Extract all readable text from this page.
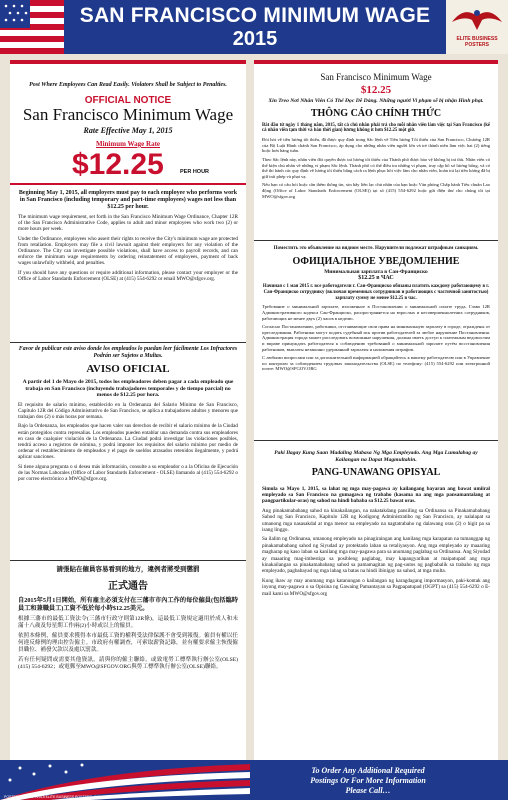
SAN FRANCISCO MINIMUM WAGE
2015	ELITE BUSINESS POSTERS
Post Where Employees Can Read Easily. Violators Shall be Subject to Penalties.
OFFICIAL NOTICE
San Francisco Minimum Wage
Rate Effective May 1, 2015
Minimum Wage Rate
$12.25	PER HOUR

Beginning May 1, 2015, all employers must pay to each employee who performs work in San Francisco (including temporary and part-time employees) wages not less than $12.25 per hour.

The minimum wage requirement, set forth in the San Francisco Minimum Wage Ordinance, Chapter 12R of the San Francisco Administrative Code, applies to adult and minor employees who work two (2) or more hours per week.

Under the Ordinance, employees who assert their rights to receive the City's minimum wage are protected from retaliation. Employers may file a civil lawsuit against their employers for any violation of the Ordinance. The City can investigate possible violations, shall have access to payroll records, and can enforce the minimum wage requirements by ordering reinstatement of employees, payment of back wages unlawfully withheld, and penalties.

If you should have any questions or require additional information, please contact your employer or the Office of Labor Standards Enforcement (OLSE) at (415) 554-6292 or email MWO@sfgov.org.

Favor de publicar este aviso donde los empleados lo puedan leer fácilmente Los Infractores Podrán ser Sujetos a Multas.

AVISO OFICIAL

A partir del 1 de Mayo de 2015, todos los empleadores deben pagar a cada empleado que trabaja en San Francisco (incluyendo trabajadores temporales y de tiempo parcial) no menos de $12.25 por hora.

El requisito de salario mínimo, establecido en la Ordenanza del Salario Mínimo de San Francisco, Capítulo 12R del Código Administrativo de San Francisco, se aplica a trabajadores adultos y menores que trabajan dos (2) o más horas por semana.

Bajo la Ordenanza, los empleados que hacen valer sus derechos de recibir el salario mínimo de la Ciudad están protegidos contra represalias. Los empleados pueden entablar una demanda contra sus empleadores en caso de cualquier violación de la Ordenanza. La Ciudad podrá investigar las violaciones posibles, tendrá acceso a registros de nómina, y podrá imponer los requisitos del salario mínimo por medio de ordenar el restablecimiento de empleados y el pago de sueldos atrasados retenidos ilegalmente, y podrá aplicar sanciones.

Si tiene alguna pregunta o si desea más información, consulte a su empleador o a la Oficina de Ejecución de las Normas Laborales (Office of Labor Standards Enforcement - OLSE) llamando al (415) 554-6292 o por correo electrónico a MWO@sfgov.org.

請張貼在僱員容易看到的地方，違例者將受到懲罰

正式通告

自2015年5月1日開始，所有雇主必須支付在三藩市市內工作的每位僱員(包括臨時員工和兼職員工)工資不低於每小時$12.25美元。

根據三藩市的最低工資法令(三藩市行政守則第12R條)，這最低工資規定適用於成人和未滿十八歲及每星期工作兩(2)小時或以上的僱員。

依照本條例，僱員要求獲得本市最低工資的權利受法律保護不會受到報復。僱員有權以任何違反條例的理由控告僱主。市政府有權調查，可索取薪資記錄，並有權要求僱主恢復僱員職位、補發欠款以及處以罰款。

若有任何疑問或需要其他資訊，請與你的僱主聯絡，或致電勞工標準執行辦公室(OLSE) (415) 554-6292；或電郵至MWO@SFGOV.ORG與勞工標準執行辦公室(OLSE)聯絡。

San Francisco Minimum Wage
$12.25

Xin Treo Nơi Nhân Viên Có Thể Đọc Dễ Dàng. Những người Vi phạm sẽ bị nhận Hình phạt.

THÔNG CÁO CHÍNH THỨC

Bắt đầu từ ngày 1 tháng năm, 2015, tất cả chủ nhân phải trả cho mỗi nhân viên làm việc tại San Francisco (kể cả nhân viên tạm thời và bán thời gian) lương không ít hơn $12.25 một giờ.

Đòi hỏi về tiền lương tối thiểu, đã được quy định trong Sắc lệnh về Tiền lương Tối thiểu của San Francisco, Chương 12R của Bộ Luật Hành chánh San Francisco, áp dụng cho những nhân viên người lớn và trẻ thành niên làm việc hai (2) tiếng hoặc hơn hàng tuần.

Theo Sắc lệnh này, nhân viên đòi quyền được trả lương tối thiểu của Thành phố được bảo vệ không bị trả thù. Nhân viên có thể kiện chủ nhân về những vi phạm Sắc lệnh. Thành phố có thể điều tra những vi phạm, truy cập hồ sơ lương bổng, và có thể thi hành các quy định về lương tối thiểu bằng cách ra lệnh phục hồi việc làm cho nhân viên, hoàn trả lại tiền lương đã bị giữ trái phép và phạt vạ.

Nếu bạn có câu hỏi hoặc cần thêm thông tin, xin hãy liên lạc chủ nhân của bạn hoặc Văn phòng Chấp hành Tiêu chuẩn Lao động (Office of Labor Standards Enforcement (OLSE)) tại số (415) 554-6292 hoặc gửi điện thư cho chúng tôi tại MWO@sfgov.org

Поместить это объявление на видном месте. Нарушители подлежат штрафным санкциям.

ОФИЦИАЛЬНОЕ УВЕДОМЛЕНИЕ
Минимальная зарплата в Сан-Франциско
$12.25 в ЧАС

Начиная с 1 мая 2015 г. все работодатели г. Сан-Франциско обязаны платить каждому работающему в г. Сан-Франциско сотруднику (включая временных сотрудников и работающих с частичной занятостью) зарплату сумму не менее $12.25 в час.

Требование о минимальной зарплате, изложенное в Постановлении о минимальной оплате труда, Глава 12R Административного кодекса Сан-Франциско, распространяется на взрослых и несовершеннолетних сотрудников, работающих не менее двух (2) часов в неделю.

Согласно Постановлению, работники, отстаивающие свои права на минимальную зарплату в городе, ограждены от преследования. Работники могут подать судебный иск против работодателей за любое нарушение Постановления. Администрация города может расследовать возможные нарушения, должна иметь доступ к платежным ведомостям и вправе принуждать работодателя к соблюдению требований о минимальной зарплате путём восстановления работников, выплаты незаконно удержанной зарплаты и наложения штрафов.

С любыми вопросами или за дополнительной информацией обращайтесь к вашему работодателю или в Управление по контролю за соблюдением трудовых законодательства (OLSE) по телефону: (415) 554-6292 или электронной почте: MWO@SFGOV.ORG

Paki Ilagay Kung Saan Madaling Mabasa Ng Mga Empleyado. Ang Mga Lumalabag ay Kailangan na Dapat Magmultahin.

PANG-UNAWANG OPISYAL

Simula sa Mayo 1, 2015, sa lahat ng mga may-pagawa ay kailangang bayaran ang bawat umiiral empleyado sa San Francisco na gumagawa ng trabaho (kasama na ang mga pansamantalang at pangpartikular-oras) ng sahod na hindi bababa sa $12.25 bawat oras.

Ang pinakamababang sahod na kinakailangan, na nakatakdang pansiling sa Ordinansa sa Pinakamababang Sahod ng San Francisco, Kapitulo 12R ng Kodigong Administratibo ng San Francisco, ay nalalapat sa umanong mga nasasakdal at mga menor na empleyado na nagtatrabaho ng dalawang oras (2) o higit pa sa isang linggo.

Sa ilalim ng Ordinansa, umanong empleyado na pinagiraingan ang kanilang mga karapatan na tumanggap ng pinakamababang sahod ng Siyudad ay protektado laban sa retaliyasyon. Ang mga empleyado ay maaaring magharap ng kaso laban sa kanilang mga may-pagawa para sa anumang paglabag sa Ordinansa. Ang Siyudad ay maaaring mag-imbestiga sa posibleng paglabag, may kapangyarihan at maipatupad ang mga kinakailangan sa pinakamababang sahod sa pamamagitan ng pag-uutos ng pagbabalik sa trabaho ng mga empleyado, pagbabayad ng mga labag sa batas na hindi ibinigay na sahod, at mga multa.

Kung ikaw ay may anumang mga katanungan o kailangan ng karagdagang impormasyon, paki-kontak ang inyong may-pagawa o sa Opisina ng Gawaing Pamantayan sa Pagpapatupad (OGPT) sa (415) 554-6292 o E-mail kami sa MWO@sfgov.org

To Order Any Additional Required
Postings Or For More Information
Please Call…
POSTER SHEETS ©2015 ELITE BUSINESS POSTERS, INC.
